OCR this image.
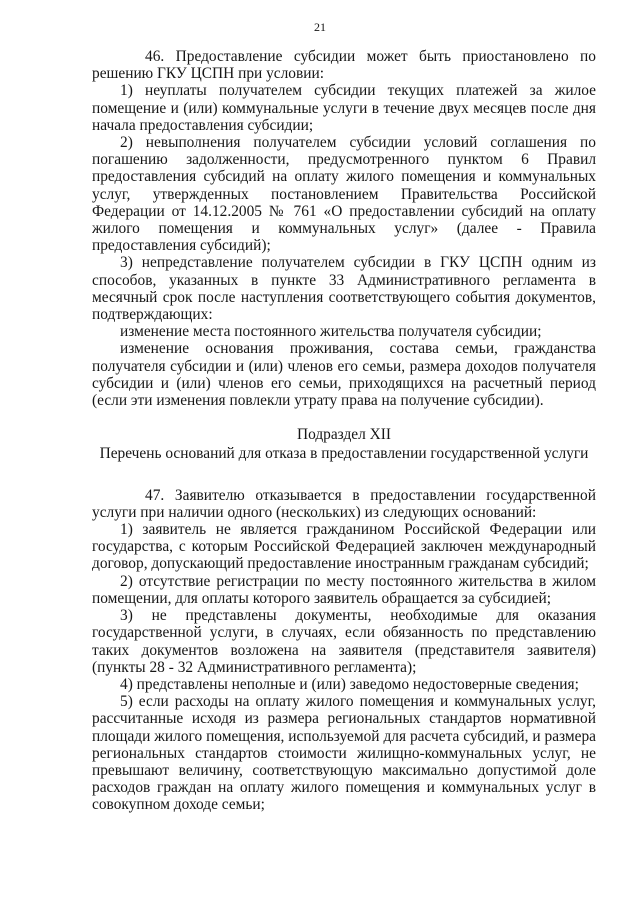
21

46. Предоставление субсидии может быть приостановлено по решению ГКУ ЦСПН при условии:

1) неуплаты получателем субсидии текущих платежей за жилое помещение и (или) коммунальные услуги в течение двух месяцев после дня начала предоставления субсидии;

2) невыполнения получателем субсидии условий соглашения по погашению задолженности, предусмотренного пунктом 6 Правил предоставления субсидий на оплату жилого помещения и коммунальных услуг, утвержденных постановлением Правительства Российской Федерации от 14.12.2005 № 761 «О предоставлении субсидий на оплату жилого помещения и коммунальных услуг» (далее - Правила предоставления субсидий);

3) непредставление получателем субсидии в ГКУ ЦСПН одним из способов, указанных в пункте 33 Административного регламента в месячный срок после наступления соответствующего события документов, подтверждающих:

изменение места постоянного жительства получателя субсидии;

изменение основания проживания, состава семьи, гражданства получателя субсидии и (или) членов его семьи, размера доходов получателя субсидии и (или) членов его семьи, приходящихся на расчетный период (если эти изменения повлекли утрату права на получение субсидии).

Подраздел XII
Перечень оснований для отказа в предоставлении государственной услуги

47. Заявителю отказывается в предоставлении государственной услуги при наличии одного (нескольких) из следующих оснований:

1) заявитель не является гражданином Российской Федерации или государства, с которым Российской Федерацией заключен международный договор, допускающий предоставление иностранным гражданам субсидий;

2) отсутствие регистрации по месту постоянного жительства в жилом помещении, для оплаты которого заявитель обращается за субсидией;

3) не представлены документы, необходимые для оказания государственной услуги, в случаях, если обязанность по представлению таких документов возложена на заявителя (представителя заявителя) (пункты 28 - 32 Административного регламента);

4) представлены неполные и (или) заведомо недостоверные сведения;

5) если расходы на оплату жилого помещения и коммунальных услуг, рассчитанные исходя из размера региональных стандартов нормативной площади жилого помещения, используемой для расчета субсидий, и размера региональных стандартов стоимости жилищно-коммунальных услуг, не превышают величину, соответствующую максимально допустимой доле расходов граждан на оплату жилого помещения и коммунальных услуг в совокупном доходе семьи;
